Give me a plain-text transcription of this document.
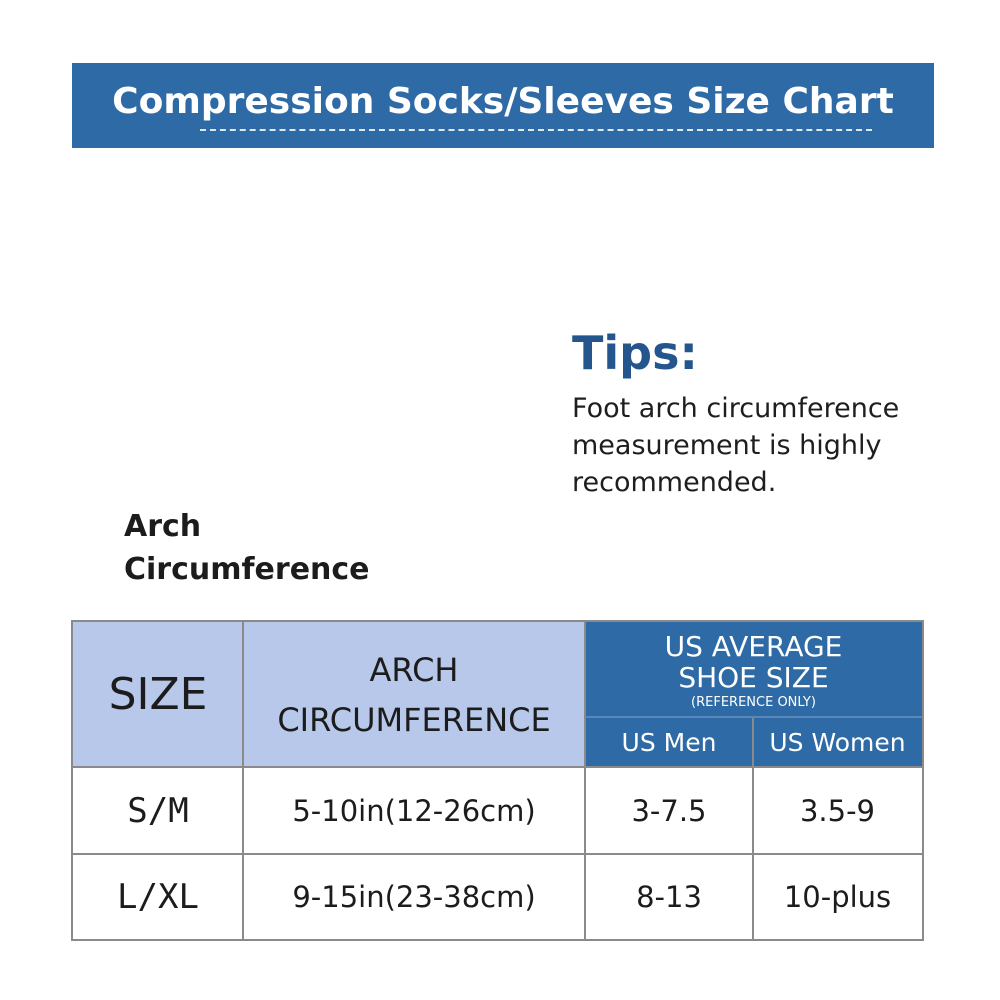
Compression Socks/Sleeves Size Chart
Tips:
Foot arch circumference
measurement is highly
recommended.
Arch
Circumference
SIZE	ARCH
CIRCUMFERENCE
US AVERAGE
SHOE SIZE
(REFERENCE ONLY)
US Men US Women
S/M	5-10in(12-26cm)	3-7.5	3.5-9
L/XL	9-15in(23-38cm)	8-13	10-plus
